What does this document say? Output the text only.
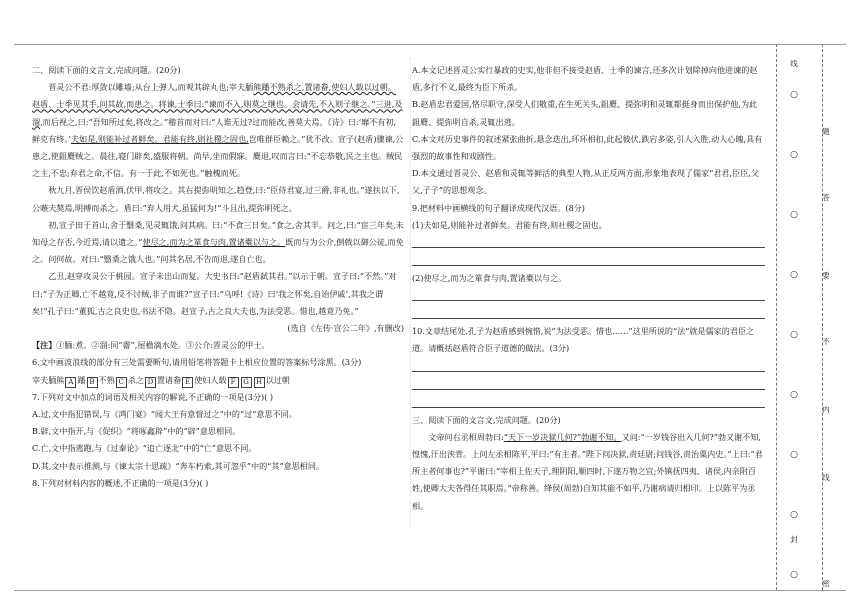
二、阅读下面的文言文,完成问题。(20分)

晋灵公不君:厚敛以雕墙;从台上弹人,而观其辟丸也;宰夫胹熊蹯不熟杀之,置诸畚,使妇人载以过朝。赵盾、士季见其手,问其故,而患之。将谏,士季曰:“谏而不入,则莫之继也。会请先,不入则子继之。”三进,及溜,而后视之,曰:“吾知所过矣,将改之。”稽首而对曰:“人谁无过?过而能改,善莫大焉。《诗》曰:‘靡不有初,鲜克有终。’夫如是,则能补过者鲜矣。君能有终,则社稷之固也,岂唯群臣赖之。”犹不改。宣子(赵盾)骤谏,公患之,使鉏麑贼之。晨往,寝门辟矣,盛服将朝。尚早,坐而假寐。麑退,叹而言曰:“不忘恭敬,民之主也。贼民之主,不忠;弃君之命,不信。有一于此,不如死也。”触槐而死。

秋九月,晋侯饮赵盾酒,伏甲,将攻之。其右提弥明知之,趋登,曰:“臣侍君宴,过三爵,非礼也。”遂扶以下,公嗾夫獒焉,明搏而杀之。盾曰:“弃人用犬,虽猛何为!”斗且出,提弥明死之。

初,宣子田于首山,舍于翳桑,见灵辄饿,问其病。曰:“不食三日矣。”食之,舍其半。问之,曰:“宦三年矣,未知母之存否,今近焉,请以遗之。”使尽之,而为之箪食与肉,置诸橐以与之。既而与为公介,倒戟以御公徒,而免之。问何故。对曰:“翳桑之饿人也。”问其名居,不告而退,遂自亡也。

乙丑,赵穿攻灵公于桃园。宣子未出山而复。大史书曰:“赵盾弑其君。”以示于朝。宣子曰:“不然。”对曰:“子为正卿,亡不越竟,反不讨贼,非子而谁?”宣子曰:“乌呼!《诗》曰‘我之怀矣,自诒伊戚’,其我之谓矣!”孔子曰:“董狐,古之良史也,书法不隐。赵宣子,古之良大夫也,为法受恶。惜也,越竟乃免。”

(选自《左传·宣公二年》,有删改)

【注】①胹:煮。②溜:同“霤”,屋檐滴水处。③公介:晋灵公的甲士。

6.文中画波浪线的部分有三处需要断句,请用铅笔将答题卡上相应位置的答案标号涂黑。(3分)

宰夫胹熊 A 蹯 B 不熟 C 杀之 D 置诸畚 E 使妇人载 F G H 以过朝

7.下列对文中加点的词语及相关内容的解说,不正确的一项是(3分)( )

A.过,文中指犯错误,与《鸿门宴》“闻大王有意督过之”中的“过”意思不同。

B.辟,文中指开,与《促织》“将啄鑫辟”中的“辟”意思相同。

C.亡,文中指逃跑,与《过秦论》“追亡逐北”中的“亡”意思不同。

D.其,文中表示推测,与《谏太宗十思疏》“奔车朽索,其可忽乎”中的“其”意思相同。

8.下列对材料内容的概述,不正确的一项是(3分)( )

A.本文记述晋灵公实行暴政的史实,他非但不接受赵盾、士季的谏言,还多次计划除掉向他进谏的赵盾,多行不义,最终为臣下所杀。

B.赵盾忠君爱国,恪尽职守,深受人们敬重,在生死关头,鉏麑、提弥明和灵辄都挺身而出保护他,为此鉏麑、提弥明自杀,灵辄出逃。

C.本文对历史事件的叙述紧张曲折,悬念迭出,环环相扣,此起彼伏,跌宕多姿,引人入胜,动人心魄,具有强烈的故事性和戏剧性。

D.本文通过晋灵公、赵盾和灵辄等鲜活的典型人物,从正反两方面,形象地表现了儒家“君君,臣臣,父父,子子”的思想观念。

9.把材料中画横线的句子翻译成现代汉语。(8分)

(1)夫如是,则能补过者鲜矣。君能有终,则社稷之固也。

(2)使尽之,而为之箪食与肉,置诸橐以与之。

10.文章结尾处,孔子为赵盾感到惋惜,说“为法受恶。惜也……”这里所说的“法”就是儒家的君臣之道。请概括赵盾符合臣子道德的做法。(3分)

三、阅读下面的文言文,完成问题。(20分)

文帝问右丞相周勃曰:“天下一岁决狱几何?”勃谢不知。又问:“一岁钱谷出入几何?”勃又谢不知,惶愧,汗出浃背。上问左丞相陈平,平曰:“有主者。”陛下问决狱,责廷尉;问钱谷,责治粟内史。”上曰:“君所主者何事也?”平谢曰:“宰相上佐天子,理阴阳,顺四时,下遂万物之宜;外镇抚四夷、诸侯,内亲附百姓,使卿大夫各得任其职焉。”帝称善。绛侯(周勃)自知其能不如平,乃谢病请归相印。上以陈平为丞相。

○
○
○
○
○
○
○
○
○
线
题
答
要
不
内
线
封
密
